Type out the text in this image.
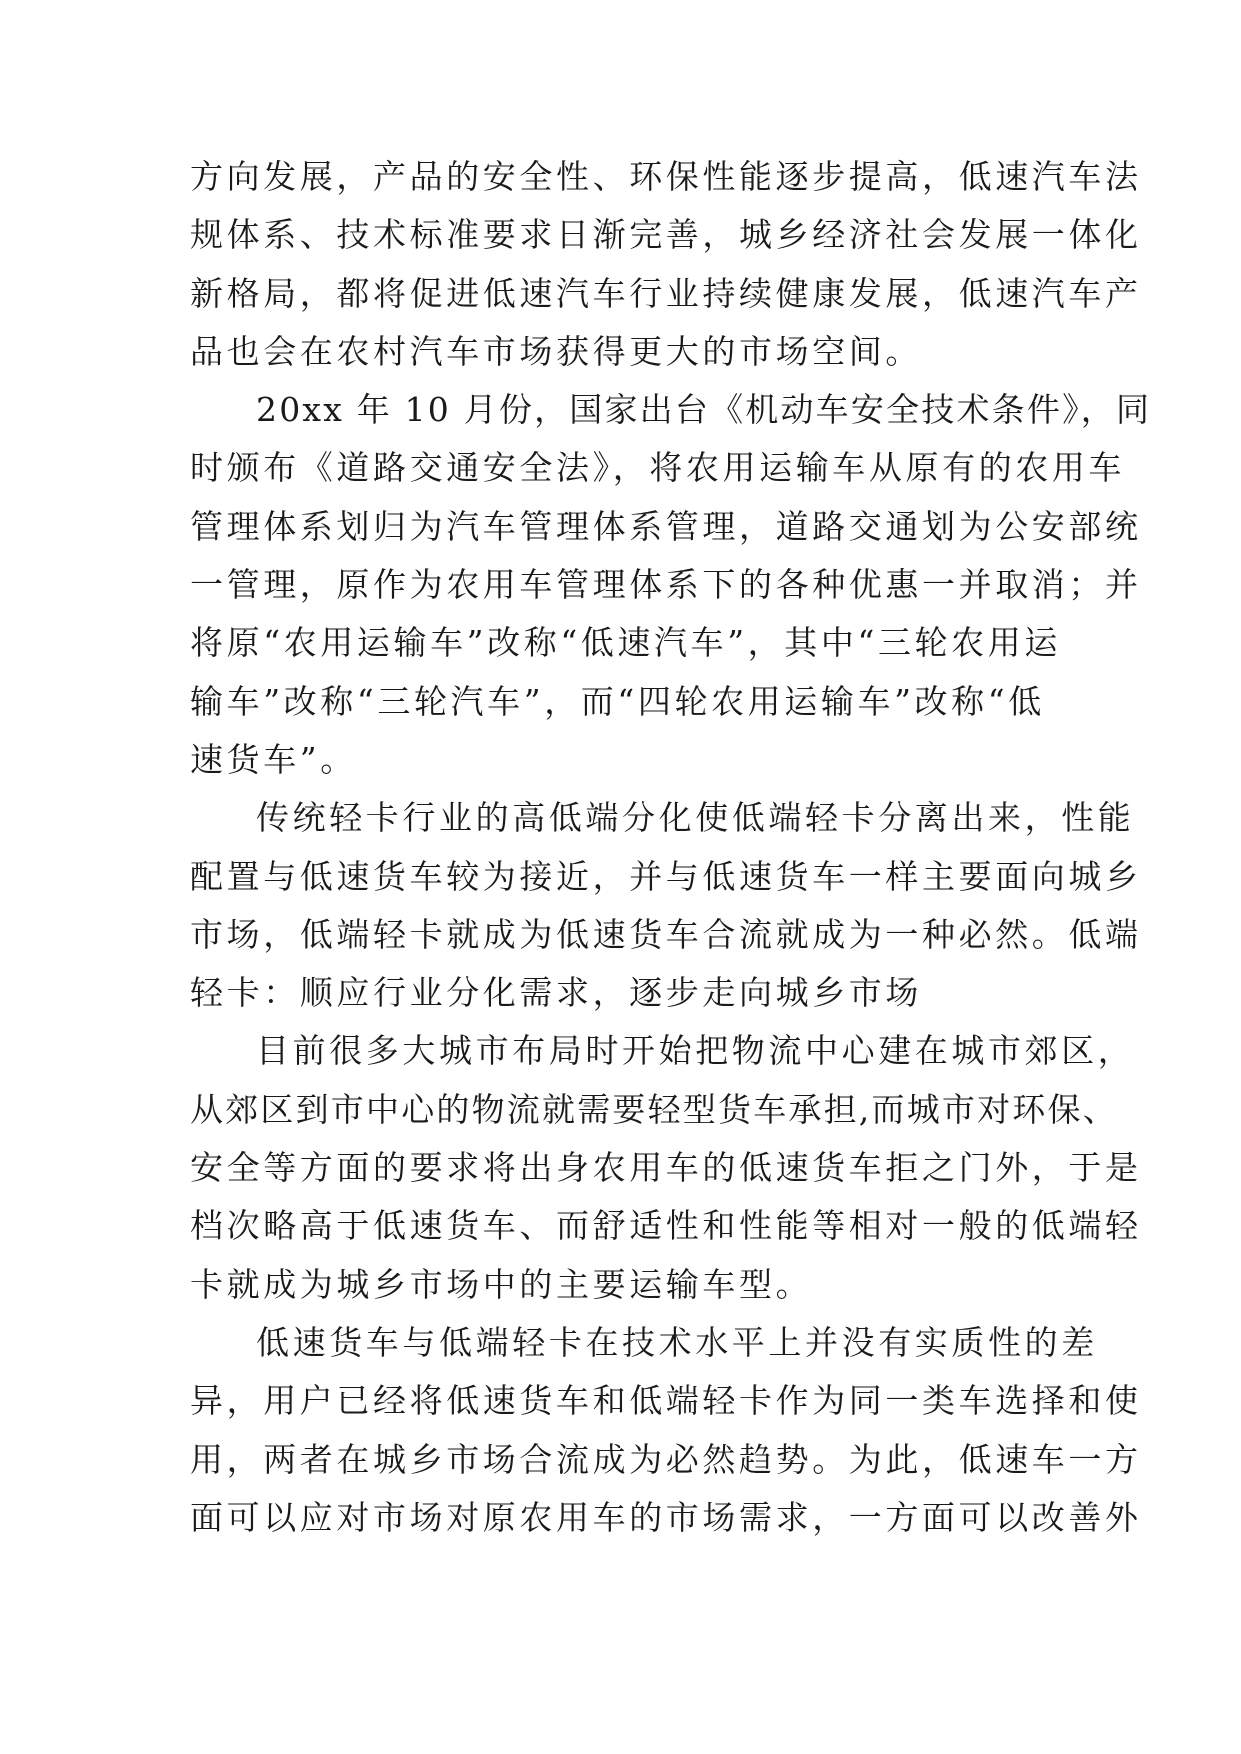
方向发展，产品的安全性、环保性能逐步提高，低速汽车法
规体系、技术标准要求日渐完善，城乡经济社会发展一体化
新格局，都将促进低速汽车行业持续健康发展，低速汽车产
品也会在农村汽车市场获得更大的市场空间。
20xx 年 10 月份，国家出台《机动车安全技术条件》，同
时颁布《道路交通安全法》，将农用运输车从原有的农用车
管理体系划归为汽车管理体系管理，道路交通划为公安部统
一管理，原作为农用车管理体系下的各种优惠一并取消；并
将原“农用运输车”改称“低速汽车”，其中“三轮农用运
输车”改称“三轮汽车”，而“四轮农用运输车”改称“低
速货车”。
传统轻卡行业的高低端分化使低端轻卡分离出来，性能
配置与低速货车较为接近，并与低速货车一样主要面向城乡
市场，低端轻卡就成为低速货车合流就成为一种必然。低端
轻卡：顺应行业分化需求，逐步走向城乡市场
目前很多大城市布局时开始把物流中心建在城市郊区，
从郊区到市中心的物流就需要轻型货车承担,而城市对环保、
安全等方面的要求将出身农用车的低速货车拒之门外，于是
档次略高于低速货车、而舒适性和性能等相对一般的低端轻
卡就成为城乡市场中的主要运输车型。
低速货车与低端轻卡在技术水平上并没有实质性的差
异，用户已经将低速货车和低端轻卡作为同一类车选择和使
用，两者在城乡市场合流成为必然趋势。为此，低速车一方
面可以应对市场对原农用车的市场需求，一方面可以改善外
